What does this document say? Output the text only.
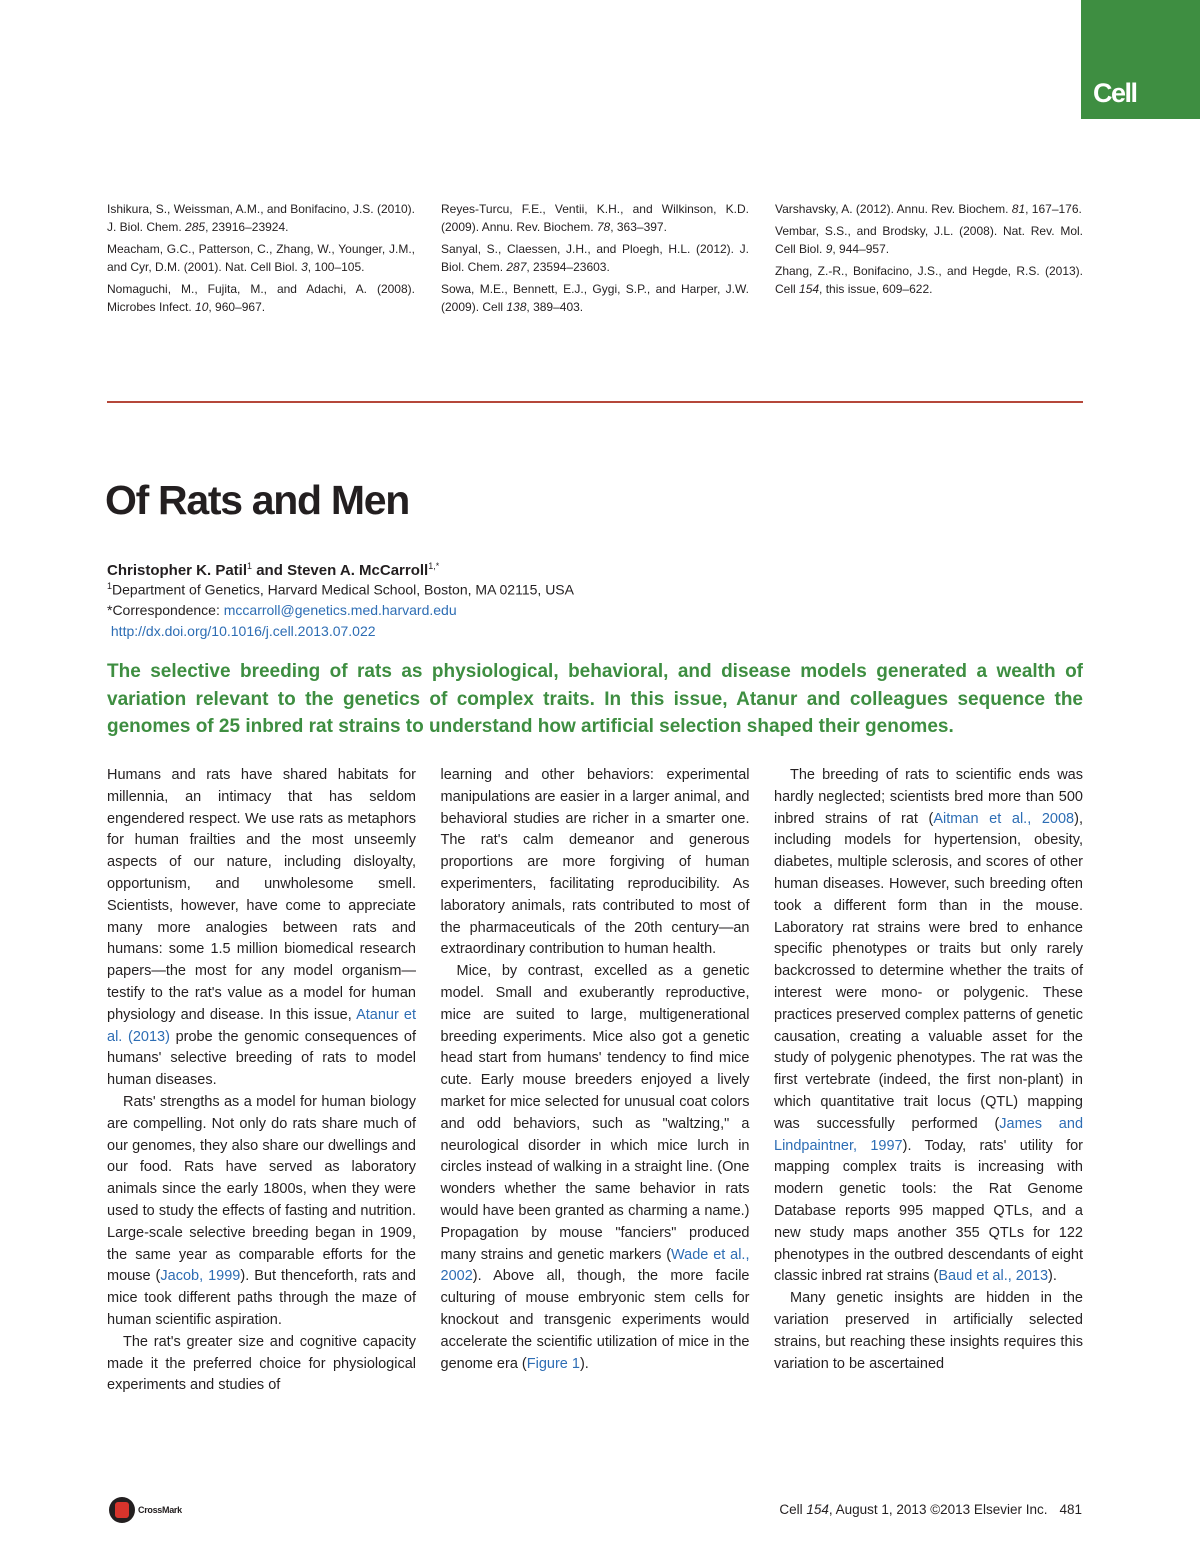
Cell

Ishikura, S., Weissman, A.M., and Bonifacino, J.S. (2010). J. Biol. Chem. 285, 23916–23924.

Meacham, G.C., Patterson, C., Zhang, W., Younger, J.M., and Cyr, D.M. (2001). Nat. Cell Biol. 3, 100–105.

Nomaguchi, M., Fujita, M., and Adachi, A. (2008). Microbes Infect. 10, 960–967.

Reyes-Turcu, F.E., Ventii, K.H., and Wilkinson, K.D. (2009). Annu. Rev. Biochem. 78, 363–397.

Sanyal, S., Claessen, J.H., and Ploegh, H.L. (2012). J. Biol. Chem. 287, 23594–23603.

Sowa, M.E., Bennett, E.J., Gygi, S.P., and Harper, J.W. (2009). Cell 138, 389–403.

Varshavsky, A. (2012). Annu. Rev. Biochem. 81, 167–176.

Vembar, S.S., and Brodsky, J.L. (2008). Nat. Rev. Mol. Cell Biol. 9, 944–957.

Zhang, Z.-R., Bonifacino, J.S., and Hegde, R.S. (2013). Cell 154, this issue, 609–622.

Of Rats and Men

Christopher K. Patil$^1$ and Steven A. McCarroll$^{1,*}$

$^1$Department of Genetics, Harvard Medical School, Boston, MA 02115, USA
*Correspondence: mccarroll@genetics.med.harvard.edu
http://dx.doi.org/10.1016/j.cell.2013.07.022

The selective breeding of rats as physiological, behavioral, and disease models generated a wealth of variation relevant to the genetics of complex traits. In this issue, Atanur and colleagues sequence the genomes of 25 inbred rat strains to understand how artificial selection shaped their genomes.

Humans and rats have shared habitats for millennia, an intimacy that has seldom engendered respect. We use rats as metaphors for human frailties and the most unseemly aspects of our nature, including disloyalty, opportunism, and unwholesome smell. Scientists, however, have come to appreciate many more analogies between rats and humans: some 1.5 million biomedical research papers—the most for any model organism—testify to the rat's value as a model for human physiology and disease. In this issue, Atanur et al. (2013) probe the genomic consequences of humans' selective breeding of rats to model human diseases.

Rats' strengths as a model for human biology are compelling. Not only do rats share much of our genomes, they also share our dwellings and our food. Rats have served as laboratory animals since the early 1800s, when they were used to study the effects of fasting and nutrition. Large-scale selective breeding began in 1909, the same year as comparable efforts for the mouse (Jacob, 1999). But thenceforth, rats and mice took different paths through the maze of human scientific aspiration.

The rat's greater size and cognitive capacity made it the preferred choice for physiological experiments and studies of

learning and other behaviors: experimental manipulations are easier in a larger animal, and behavioral studies are richer in a smarter one. The rat's calm demeanor and generous proportions are more forgiving of human experimenters, facilitating reproducibility. As laboratory animals, rats contributed to most of the pharmaceuticals of the 20th century—an extraordinary contribution to human health.

Mice, by contrast, excelled as a genetic model. Small and exuberantly reproductive, mice are suited to large, multigenerational breeding experiments. Mice also got a genetic head start from humans' tendency to find mice cute. Early mouse breeders enjoyed a lively market for mice selected for unusual coat colors and odd behaviors, such as "waltzing," a neurological disorder in which mice lurch in circles instead of walking in a straight line. (One wonders whether the same behavior in rats would have been granted as charming a name.) Propagation by mouse "fanciers" produced many strains and genetic markers (Wade et al., 2002). Above all, though, the more facile culturing of mouse embryonic stem cells for knockout and transgenic experiments would accelerate the scientific utilization of mice in the genome era (Figure 1).

The breeding of rats to scientific ends was hardly neglected; scientists bred more than 500 inbred strains of rat (Aitman et al., 2008), including models for hypertension, obesity, diabetes, multiple sclerosis, and scores of other human diseases. However, such breeding often took a different form than in the mouse. Laboratory rat strains were bred to enhance specific phenotypes or traits but only rarely backcrossed to determine whether the traits of interest were mono- or polygenic. These practices preserved complex patterns of genetic causation, creating a valuable asset for the study of polygenic phenotypes. The rat was the first vertebrate (indeed, the first non-plant) in which quantitative trait locus (QTL) mapping was successfully performed (James and Lindpaintner, 1997). Today, rats' utility for mapping complex traits is increasing with modern genetic tools: the Rat Genome Database reports 995 mapped QTLs, and a new study maps another 355 QTLs for 122 phenotypes in the outbred descendants of eight classic inbred rat strains (Baud et al., 2013).

Many genetic insights are hidden in the variation preserved in artificially selected strains, but reaching these insights requires this variation to be ascertained

CrossMark	Cell 154, August 1, 2013 ©2013 Elsevier Inc. 481
